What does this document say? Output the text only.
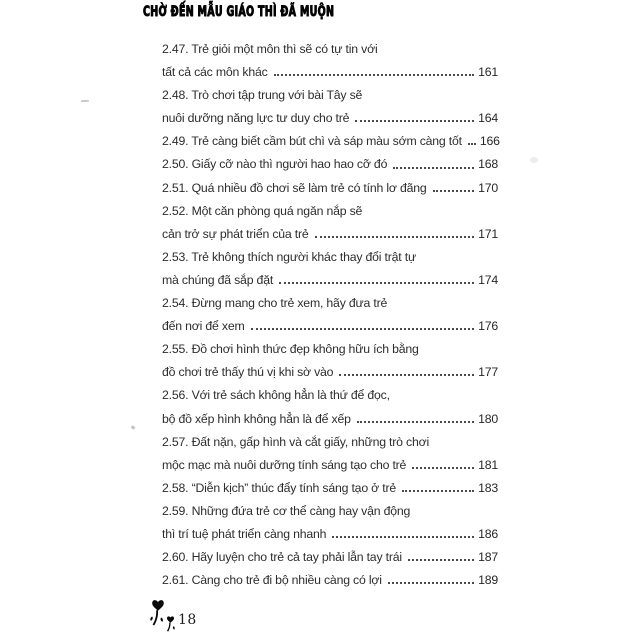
CHỜ ĐẾN MẪU GIÁO THÌ ĐÃ MUỘN
2.47. Trẻ giỏi một môn thì sẽ có tự tin với
tất cả các môn khác	161
2.48. Trò chơi tập trung với bài Tây sẽ
nuôi dưỡng năng lực tư duy cho trẻ	164
2.49. Trẻ càng biết cầm bút chì và sáp màu sớm càng tốt 166
2.50. Giấy cỡ nào thì người hao hao cỡ đó	168
2.51. Quá nhiều đồ chơi sẽ làm trẻ có tính lơ đãng	170
2.52. Một căn phòng quá ngăn nắp sẽ
cản trở sự phát triển của trẻ	171
2.53. Trẻ không thích người khác thay đổi trật tự
mà chúng đã sắp đặt	174
2.54. Đừng mang cho trẻ xem, hãy đưa trẻ
đến nơi để xem	176
2.55. Đồ chơi hình thức đẹp không hữu ích bằng
đồ chơi trẻ thấy thú vị khi sờ vào	177
2.56. Với trẻ sách không hẳn là thứ để đọc,
bộ đồ xếp hình không hẳn là để xếp	180
2.57. Đất nặn, gấp hình và cắt giấy, những trò chơi
mộc mạc mà nuôi dưỡng tính sáng tạo cho trẻ	181
2.58. “Diễn kịch” thúc đẩy tính sáng tạo ở trẻ	183
2.59. Những đứa trẻ cơ thể càng hay vận động
thì trí tuệ phát triển càng nhanh	186
2.60. Hãy luyện cho trẻ cả tay phải lẫn tay trái	187
2.61. Càng cho trẻ đi bộ nhiều càng có lợi	189
18
